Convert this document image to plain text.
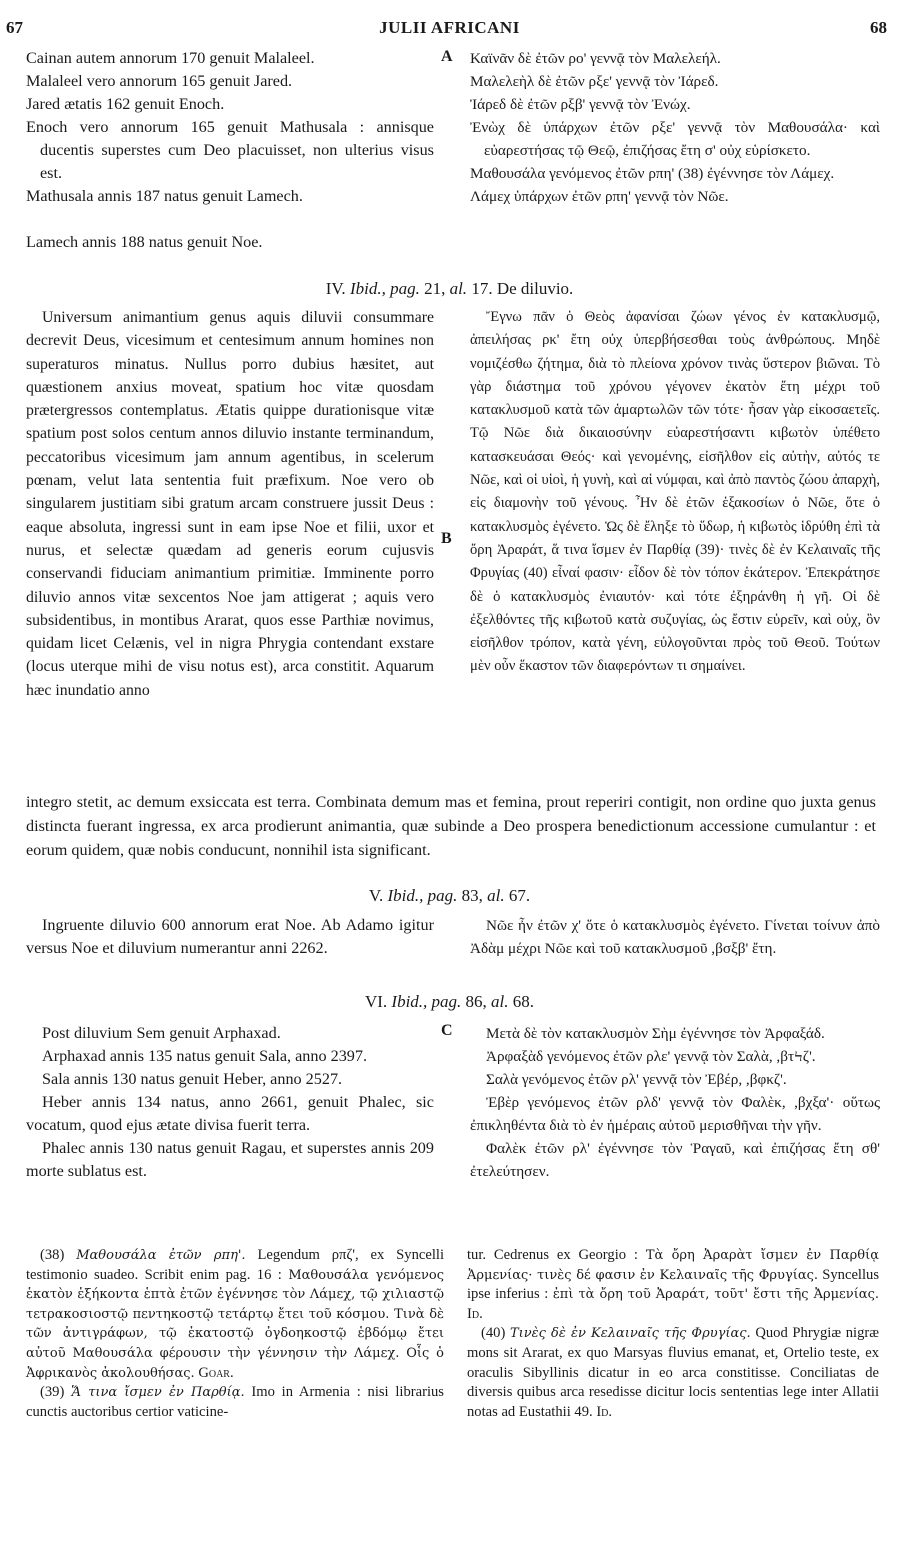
67	JULII AFRICANI	68

Cainan autem annorum 170 genuit Malaleel.

Malaleel vero annorum 165 genuit Jared.

Jared ætatis 162 genuit Enoch.

Enoch vero annorum 165 genuit Mathusala : annisque ducentis superstes cum Deo placuisset, non ulterius visus est.

Mathusala annis 187 natus genuit Lamech.

Lamech annis 188 natus genuit Noe.

A Καϊνᾶν δὲ ἐτῶν ρο' γεννᾷ τὸν Μαλελεήλ.

Μαλελεὴλ δὲ ἐτῶν ρξε' γεννᾷ τὸν Ἰάρεδ.

Ἰάρεδ δὲ ἐτῶν ρξβ' γεννᾷ τὸν Ἐνώχ.

Ἐνὼχ δὲ ὑπάρχων ἐτῶν ρξε' γεννᾷ τὸν Μαθουσάλα· καὶ εὐαρεστήσας τῷ Θεῷ, ἐπιζήσας ἔτη σ' οὐχ εὑρίσκετο.

Μαθουσάλα γενόμενος ἐτῶν ρπη' (38) ἐγέννησε τὸν Λάμεχ.

Λάμεχ ὑπάρχων ἐτῶν ρπη' γεννᾷ τὸν Νῶε.

IV. Ibid., pag. 21, al. 17. De diluvio.

Universum animantium genus aquis diluvii consummare decrevit Deus, vicesimum et centesimum annum homines non superaturos minatus. Nullus porro dubius hæsitet, aut quæstionem anxius moveat, spatium hoc vitæ quosdam prætergressos contemplatus. Ætatis quippe durationisque vitæ spatium post solos centum annos diluvio instante terminandum, peccatoribus vicesimum jam annum agentibus, in scelerum pœnam, velut lata sententia fuit præfixum. Noe vero ob singularem justitiam sibi gratum arcam construere jussit Deus : eaque absoluta, ingressi sunt in eam ipse Noe et filii, uxor et nurus, et selectæ quædam ad generis eorum cujusvis conservandi fiduciam animantium primitiæ. Imminente porro diluvio annos vitæ sexcentos Noe jam attigerat ; aquis vero subsidentibus, in montibus Ararat, quos esse Parthiæ novimus, quidam licet Celænis, vel in nigra Phrygia contendant exstare (locus uterque mihi de visu notus est), arca constitit. Aquarum hæc inundatio anno

B

Ἔγνω πᾶν ὁ Θεὸς ἀφανίσαι ζώων γένος ἐν κατακλυσμῷ, ἀπειλήσας ρκ' ἔτη οὐχ ὑπερβήσεσθαι τοὺς ἀνθρώπους. Μηδὲ νομιζέσθω ζήτημα, διὰ τὸ πλείονα χρόνον τινὰς ὕστερον βιῶναι. Τὸ γὰρ διάστημα τοῦ χρόνου γέγονεν ἑκατὸν ἔτη μέχρι τοῦ κατακλυσμοῦ κατὰ τῶν ἁμαρτωλῶν τῶν τότε· ἦσαν γὰρ εἰκοσαετεῖς. Τῷ Νῶε διὰ δικαιοσύνην εὐαρεστήσαντι κιβωτὸν ὑπέθετο κατασκευάσαι Θεός· καὶ γενομένης, εἰσῆλθον εἰς αὐτὴν, αὐτός τε Νῶε, καὶ οἱ υἱοὶ, ἡ γυνὴ, καὶ αἱ νύμφαι, καὶ ἀπὸ παντὸς ζώου ἀπαρχὴ, εἰς διαμονὴν τοῦ γένους. Ἦν δὲ ἐτῶν ἑξακοσίων ὁ Νῶε, ὅτε ὁ κατακλυσμὸς ἐγένετο. Ὡς δὲ ἔληξε τὸ ὕδωρ, ἡ κιβωτὸς ἱδρύθη ἐπὶ τὰ ὄρη Ἀραράτ, ἅ τινα ἴσμεν ἐν Παρθίᾳ (39)· τινὲς δὲ ἐν Κελαιναῖς τῆς Φρυγίας (40) εἶναί φασιν· εἶδον δὲ τὸν τόπον ἑκάτερον. Ἐπεκράτησε δὲ ὁ κατακλυσμὸς ἐνιαυτόν· καὶ τότε ἐξηράνθη ἡ γῆ. Οἱ δὲ ἐξελθόντες τῆς κιβωτοῦ κατὰ συζυγίας, ὡς ἔστιν εὑρεῖν, καὶ οὐχ, ὃν εἰσῆλθον τρόπον, κατὰ γένη, εὐλογοῦνται πρὸς τοῦ Θεοῦ. Τούτων μὲν οὖν ἕκαστον τῶν διαφερόντων τι σημαίνει.

integro stetit, ac demum exsiccata est terra. Combinata demum mas et femina, prout reperiri contigit, non ordine quo juxta genus distincta fuerant ingressa, ex arca prodierunt animantia, quæ subinde a Deo prospera benedictionum accessione cumulantur : et eorum quidem, quæ nobis conducunt, nonnihil ista significant.

V. Ibid., pag. 83, al. 67.

Ingruente diluvio 600 annorum erat Noe. Ab Adamo igitur versus Noe et diluvium numerantur anni 2262.

Νῶε ἦν ἐτῶν χ' ὅτε ὁ κατακλυσμὸς ἐγένετο. Γίνεται τοίνυν ἀπὸ Ἀδὰμ μέχρι Νῶε καὶ τοῦ κατακλυσμοῦ ,βσξβ' ἔτη.

VI. Ibid., pag. 86, al. 68.

Post diluvium Sem genuit Arphaxad.

Arphaxad annis 135 natus genuit Sala, anno 2397.

Sala annis 130 natus genuit Heber, anno 2527.

Heber annis 134 natus, anno 2661, genuit Phalec, sic vocatum, quod ejus ætate divisa fuerit terra.

Phalec annis 130 natus genuit Ragau, et superstes annis 209 morte sublatus est.

C	Μετὰ δὲ τὸν κατακλυσμὸν Σὴμ ἐγέννησε τὸν Ἀρφαξάδ.

Ἀρφαξὰδ γενόμενος ἐτῶν ρλε' γεννᾷ τὸν Σαλὰ, ,βτϞζ'.

Σαλὰ γενόμενος ἐτῶν ρλ' γεννᾷ τὸν Ἐβέρ, ,βφκζ'.

Ἐβὲρ γενόμενος ἐτῶν ρλδ' γεννᾷ τὸν Φαλὲκ, ,βχξα'· οὕτως ἐπικληθέντα διὰ τὸ ἐν ἡμέραις αὐτοῦ μερισθῆναι τὴν γῆν.

Φαλὲκ ἐτῶν ρλ' ἐγέννησε τὸν Ῥαγαῦ, καὶ ἐπιζήσας ἔτη σθ' ἐτελεύτησεν.

(38) Μαθουσάλα ἐτῶν ρπη'. Legendum ρπζ', ex Syncelli testimonio suadeo. Scribit enim pag. 16 : Μαθουσάλα γενόμενος ἑκατὸν ἑξήκοντα ἑπτὰ ἐτῶν ἐγέννησε τὸν Λάμεχ, τῷ χιλιαστῷ τετρακοσιοστῷ πεντηκοστῷ τετάρτῳ ἔτει τοῦ κόσμου. Τινὰ δὲ τῶν ἀντιγράφων, τῷ ἑκατοστῷ ὀγδοηκοστῷ ἑβδόμῳ ἔτει αὐτοῦ Μαθουσάλα φέρουσιν τὴν γέννησιν τὴν Λάμεχ. Οἷς ὁ Ἀφρικανὸς ἀκολουθήσας. Goar.

(39) Ἅ τινα ἴσμεν ἐν Παρθίᾳ. Imo in Armenia : nisi librarius cunctis auctoribus certior vaticine-

tur. Cedrenus ex Georgio : Τὰ ὄρη Ἀραρὰτ ἴσμεν ἐν Παρθίᾳ Ἀρμενίας· τινὲς δέ φασιν ἐν Κελαιναῖς τῆς Φρυγίας. Syncellus ipse inferius : ἐπὶ τὰ ὄρη τοῦ Ἀραράτ, τοῦτ' ἔστι τῆς Ἀρμενίας. Id.

(40) Τινὲς δὲ ἐν Κελαιναῖς τῆς Φρυγίας. Quod Phrygiæ nigræ mons sit Ararat, ex quo Marsyas fluvius emanat, et, Ortelio teste, ex oraculis Sibyllinis dicatur in eo arca constitisse. Conciliatas de diversis quibus arca resedisse dicitur locis sententias lege inter Allatii notas ad Eustathii 49. Id.
